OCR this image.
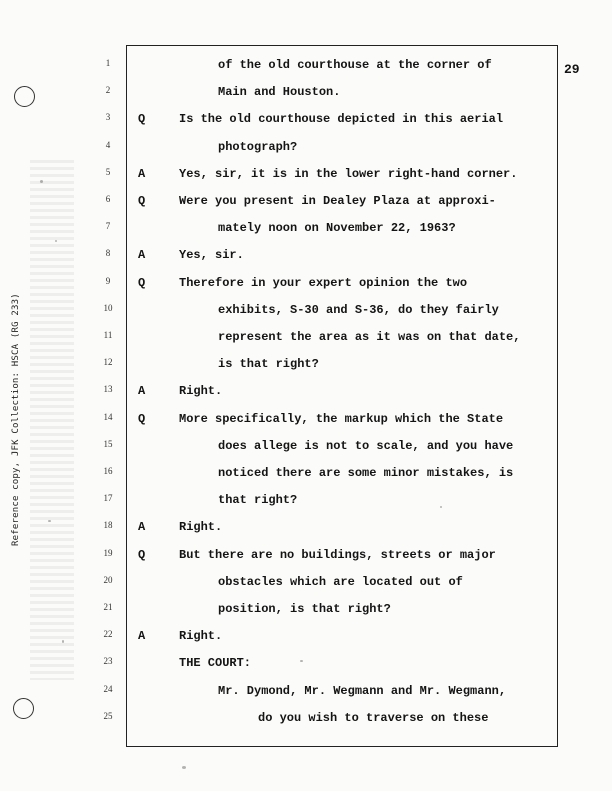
Reference copy, JFK Collection: HSCA (RG 233)
29
1	of the old courthouse at the corner of
2	Main and Houston.
3	Q	Is the old courthouse depicted in this aerial
4	photograph?
5	A	Yes, sir, it is in the lower right-hand corner.
6	Q	Were you present in Dealey Plaza at approxi-
7	mately noon on November 22, 1963?
8	A	Yes, sir.
9	Q	Therefore in your expert opinion the two
10	exhibits, S-30 and S-36, do they fairly
11	represent the area as it was on that date,
12	is that right?
13	A	Right.
14	Q	More specifically, the markup which the State
15	does allege is not to scale, and you have
16	noticed there are some minor mistakes, is
17	that right?
18	A	Right.
19	Q	But there are no buildings, streets or major
20	obstacles which are located out of
21	position, is that right?
22	A	Right.
23	THE COURT:
24	Mr. Dymond, Mr. Wegmann and Mr. Wegmann,
25	do you wish to traverse on these
